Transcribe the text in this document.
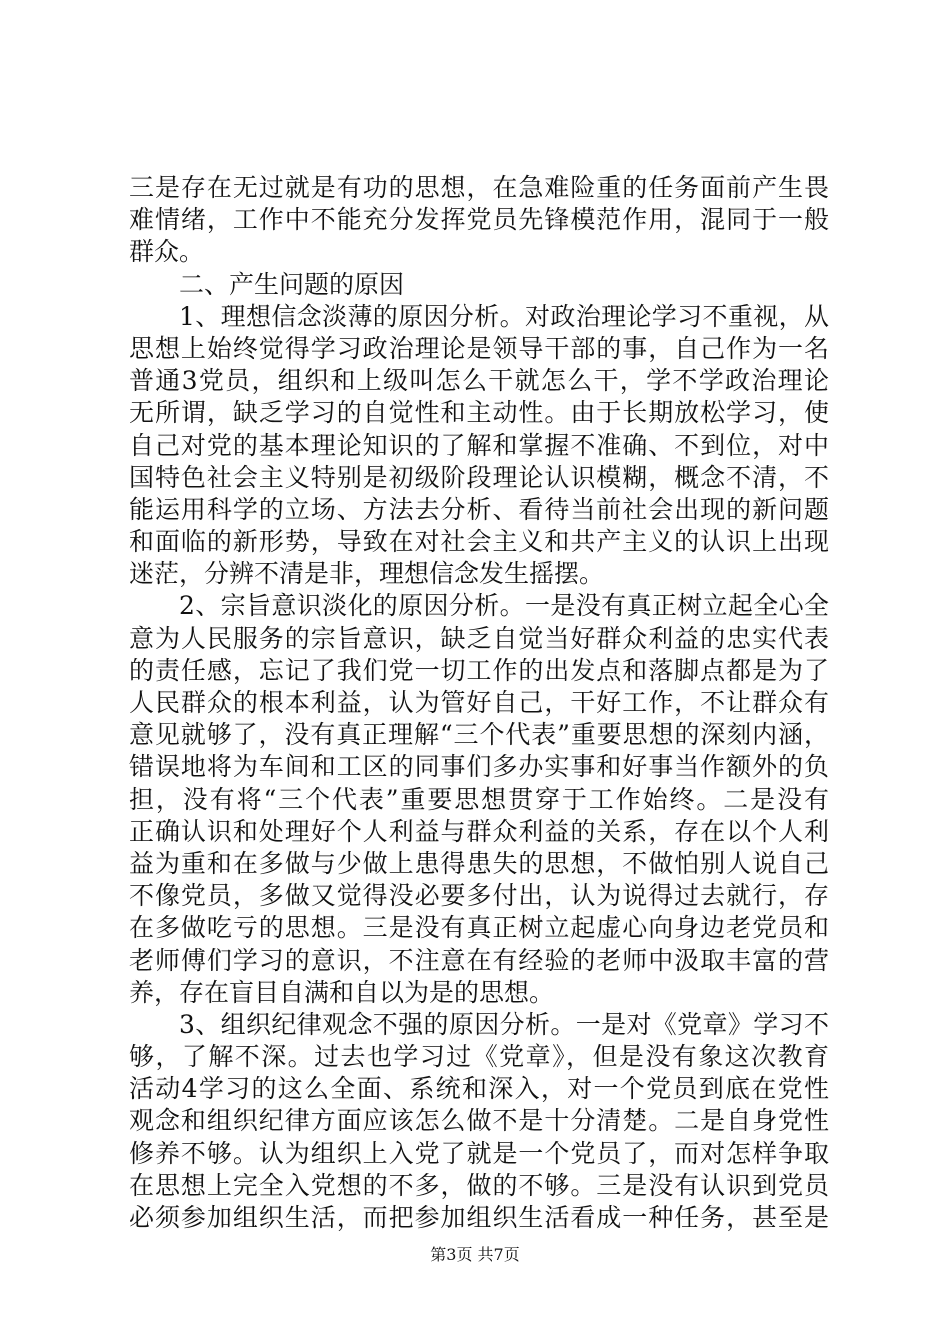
三是存在无过就是有功的思想，在急难险重的任务面前产生畏
难情绪，工作中不能充分发挥党员先锋模范作用，混同于一般
群众。
二、产生问题的原因
1、理想信念淡薄的原因分析。对政治理论学习不重视，从
思想上始终觉得学习政治理论是领导干部的事，自己作为一名
普通3党员，组织和上级叫怎么干就怎么干，学不学政治理论
无所谓，缺乏学习的自觉性和主动性。由于长期放松学习，使
自己对党的基本理论知识的了解和掌握不准确、不到位，对中
国特色社会主义特别是初级阶段理论认识模糊，概念不清，不
能运用科学的立场、方法去分析、看待当前社会出现的新问题
和面临的新形势，导致在对社会主义和共产主义的认识上出现
迷茫，分辨不清是非，理想信念发生摇摆。
2、宗旨意识淡化的原因分析。一是没有真正树立起全心全
意为人民服务的宗旨意识，缺乏自觉当好群众利益的忠实代表
的责任感，忘记了我们党一切工作的出发点和落脚点都是为了
人民群众的根本利益，认为管好自己，干好工作，不让群众有
意见就够了，没有真正理解“三个代表”重要思想的深刻内涵，
错误地将为车间和工区的同事们多办实事和好事当作额外的负
担，没有将“三个代表”重要思想贯穿于工作始终。二是没有
正确认识和处理好个人利益与群众利益的关系，存在以个人利
益为重和在多做与少做上患得患失的思想，不做怕别人说自己
不像党员，多做又觉得没必要多付出，认为说得过去就行，存
在多做吃亏的思想。三是没有真正树立起虚心向身边老党员和
老师傅们学习的意识，不注意在有经验的老师中汲取丰富的营
养，存在盲目自满和自以为是的思想。
3、组织纪律观念不强的原因分析。一是对《党章》学习不
够，了解不深。过去也学习过《党章》，但是没有象这次教育
活动4学习的这么全面、系统和深入，对一个党员到底在党性
观念和组织纪律方面应该怎么做不是十分清楚。二是自身党性
修养不够。认为组织上入党了就是一个党员了，而对怎样争取
在思想上完全入党想的不多，做的不够。三是没有认识到党员
必须参加组织生活，而把参加组织生活看成一种任务，甚至是
第3页 共7页
